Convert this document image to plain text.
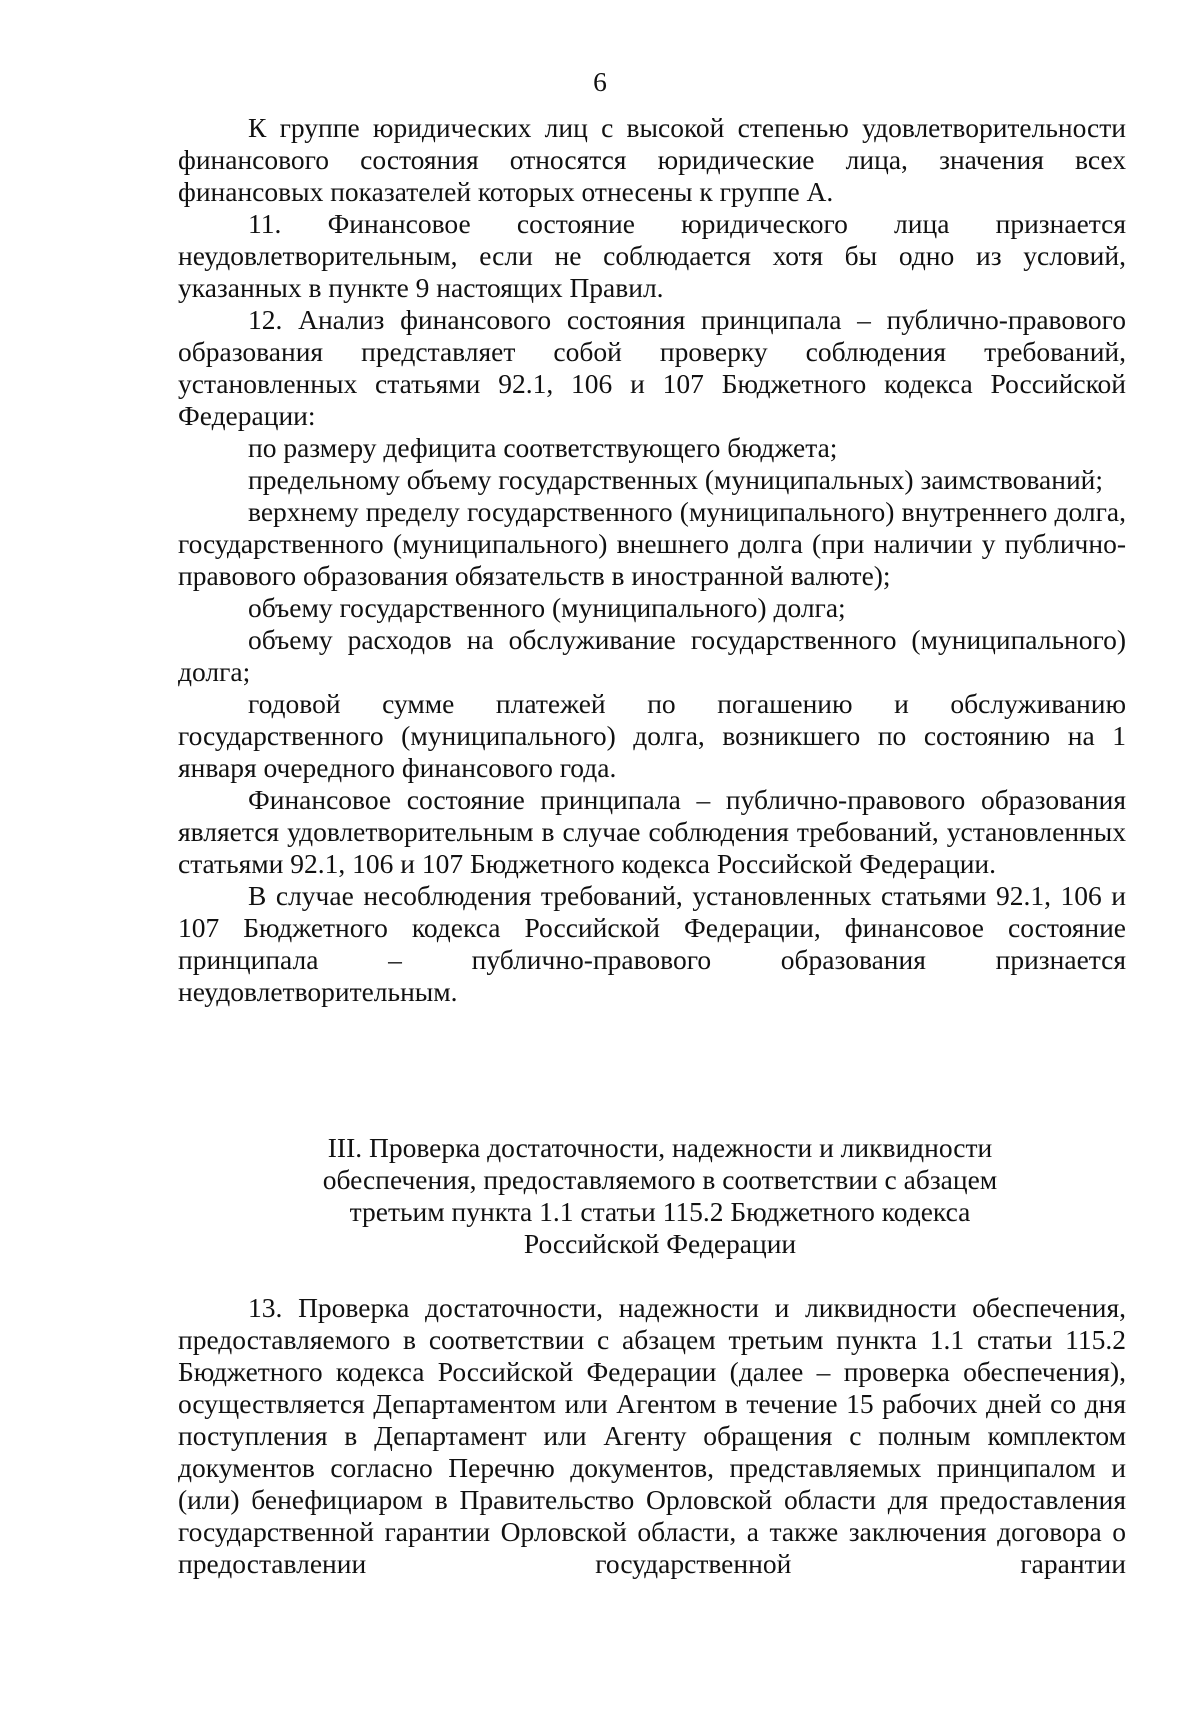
6

К группе юридических лиц с высокой степенью удовлетворительности финансового состояния относятся юридические лица, значения всех финансовых показателей которых отнесены к группе А.

11. Финансовое состояние юридического лица признается неудовлетворительным, если не соблюдается хотя бы одно из условий, указанных в пункте 9 настоящих Правил.

12. Анализ финансового состояния принципала – публично-правового образования представляет собой проверку соблюдения требований, установленных статьями 92.1, 106 и 107 Бюджетного кодекса Российской Федерации:

по размеру дефицита соответствующего бюджета;

предельному объему государственных (муниципальных) заимствований;

верхнему пределу государственного (муниципального) внутреннего долга, государственного (муниципального) внешнего долга (при наличии у публично-правового образования обязательств в иностранной валюте);

объему государственного (муниципального) долга;

объему расходов на обслуживание государственного (муниципального) долга;

годовой сумме платежей по погашению и обслуживанию государственного (муниципального) долга, возникшего по состоянию на 1 января очередного финансового года.

Финансовое состояние принципала – публично-правового образования является удовлетворительным в случае соблюдения требований, установленных статьями 92.1, 106 и 107 Бюджетного кодекса Российской Федерации.

В случае несоблюдения требований, установленных статьями 92.1, 106 и 107 Бюджетного кодекса Российской Федерации, финансовое состояние принципала – публично-правового образования признается неудовлетворительным.

III. Проверка достаточности, надежности и ликвидности
обеспечения, предоставляемого в соответствии с абзацем
третьим пункта 1.1 статьи 115.2 Бюджетного кодекса
Российской Федерации

13. Проверка достаточности, надежности и ликвидности обеспечения, предоставляемого в соответствии с абзацем третьим пункта 1.1 статьи 115.2 Бюджетного кодекса Российской Федерации (далее – проверка обеспечения), осуществляется Департаментом или Агентом в течение 15 рабочих дней со дня поступления в Департамент или Агенту обращения с полным комплектом документов согласно Перечню документов, представляемых принципалом и (или) бенефициаром в Правительство Орловской области для предоставления государственной гарантии Орловской области, а также заключения договора о предоставлении государственной гарантии
